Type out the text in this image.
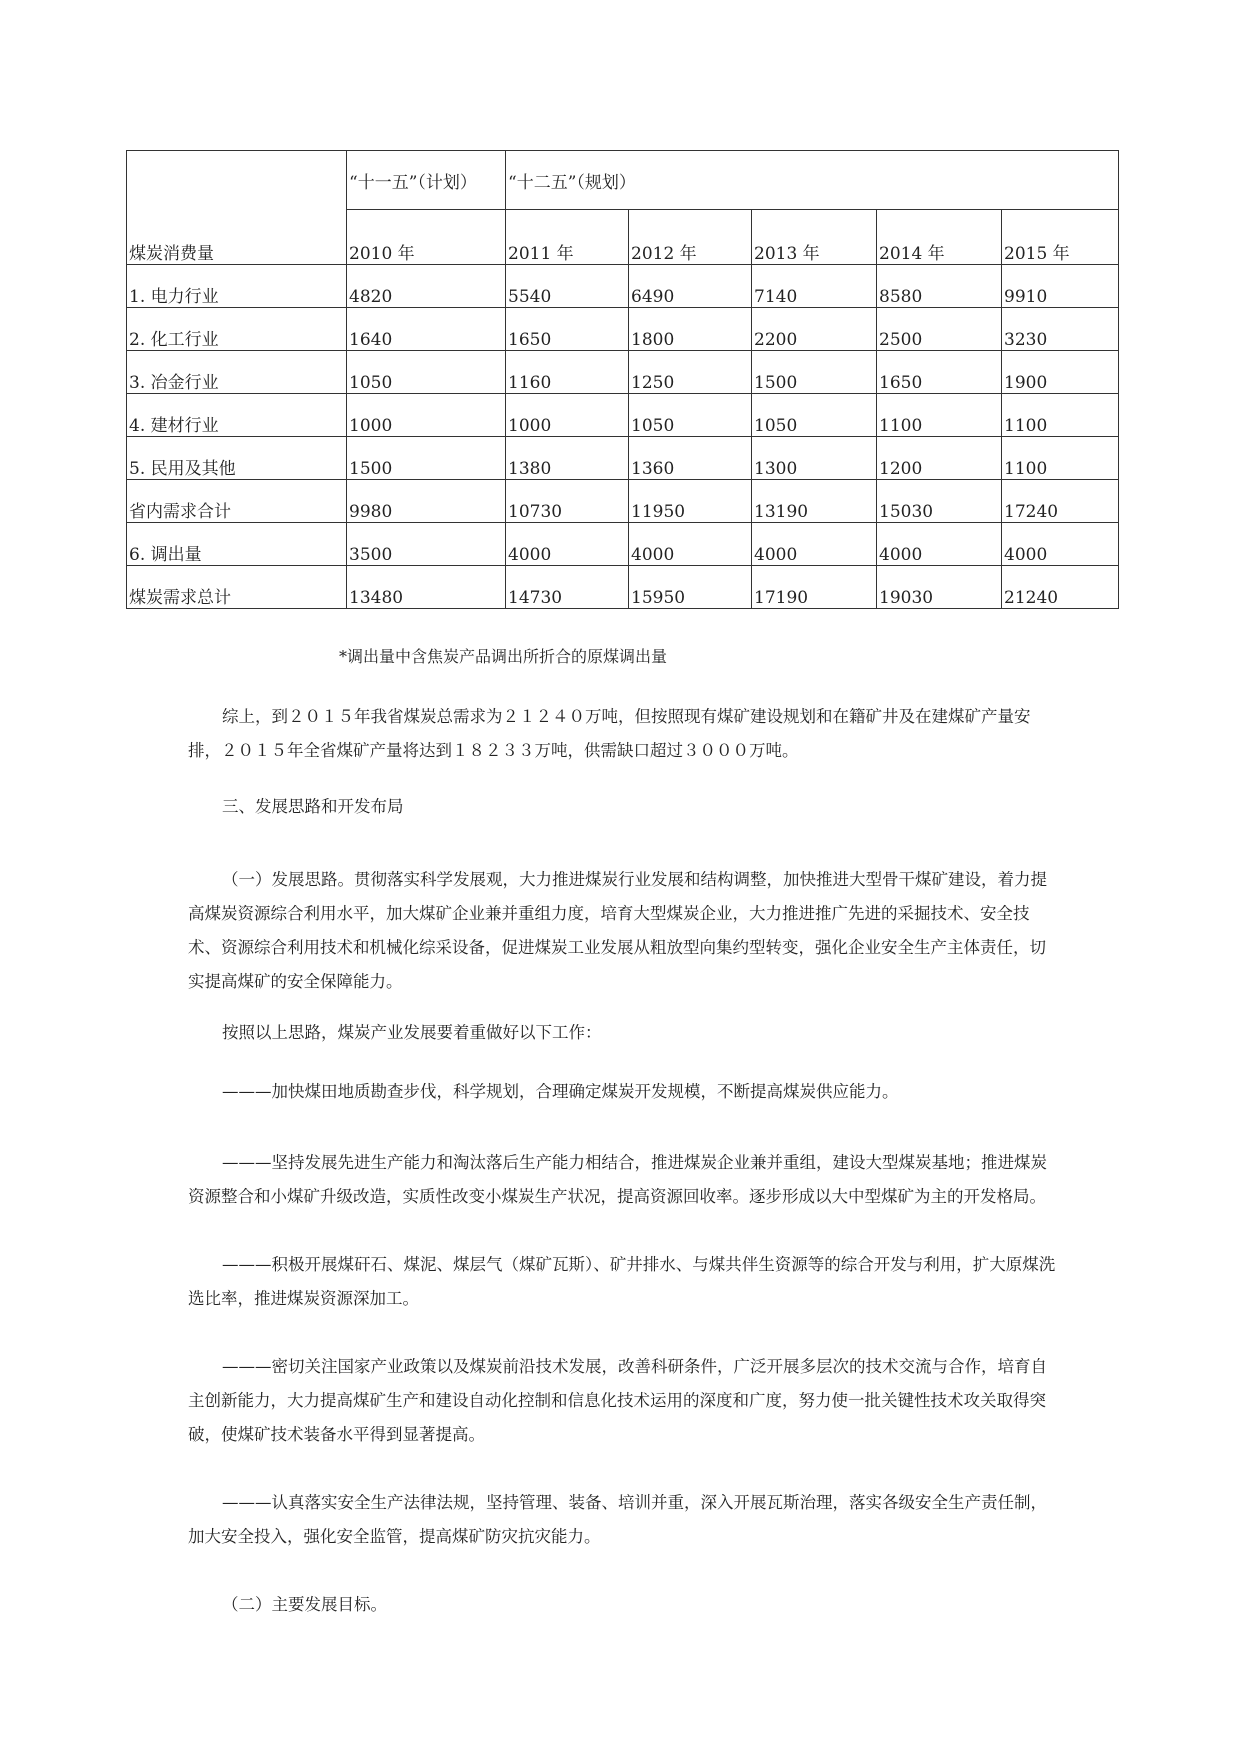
煤炭消费量	“十一五”（计划）	“十二五”（规划）				
	2010 年	2011 年	2012 年	2013 年	2014 年	2015 年
1. 电力行业	4820	5540	6490	7140	8580	9910
2. 化工行业	1640	1650	1800	2200	2500	3230
3. 冶金行业	1050	1160	1250	1500	1650	1900
4. 建材行业	1000	1000	1050	1050	1100	1100
5. 民用及其他	1500	1380	1360	1300	1200	1100
省内需求合计	9980	10730	11950	13190	15030	17240
6. 调出量	3500	4000	4000	4000	4000	4000
煤炭需求总计	13480	14730	15950	17190	19030	21240
*调出量中含焦炭产品调出所折合的原煤调出量

综上，到２０１５年我省煤炭总需求为２１２４０万吨，但按照现有煤矿建设规划和在籍矿井及在建煤矿产量安排，２０１５年全省煤矿产量将达到１８２３３万吨，供需缺口超过３０００万吨。

三、发展思路和开发布局

（一）发展思路。贯彻落实科学发展观，大力推进煤炭行业发展和结构调整，加快推进大型骨干煤矿建设，着力提高煤炭资源综合利用水平，加大煤矿企业兼并重组力度，培育大型煤炭企业，大力推进推广先进的采掘技术、安全技术、资源综合利用技术和机械化综采设备，促进煤炭工业发展从粗放型向集约型转变，强化企业安全生产主体责任，切实提高煤矿的安全保障能力。

按照以上思路，煤炭产业发展要着重做好以下工作：

———加快煤田地质勘查步伐，科学规划，合理确定煤炭开发规模，不断提高煤炭供应能力。

———坚持发展先进生产能力和淘汰落后生产能力相结合，推进煤炭企业兼并重组，建设大型煤炭基地；推进煤炭资源整合和小煤矿升级改造，实质性改变小煤炭生产状况，提高资源回收率。逐步形成以大中型煤矿为主的开发格局。

———积极开展煤矸石、煤泥、煤层气（煤矿瓦斯）、矿井排水、与煤共伴生资源等的综合开发与利用，扩大原煤洗选比率，推进煤炭资源深加工。

———密切关注国家产业政策以及煤炭前沿技术发展，改善科研条件，广泛开展多层次的技术交流与合作，培育自主创新能力，大力提高煤矿生产和建设自动化控制和信息化技术运用的深度和广度，努力使一批关键性技术攻关取得突破，使煤矿技术装备水平得到显著提高。

———认真落实安全生产法律法规，坚持管理、装备、培训并重，深入开展瓦斯治理，落实各级安全生产责任制，加大安全投入，强化安全监管，提高煤矿防灾抗灾能力。

（二）主要发展目标。
